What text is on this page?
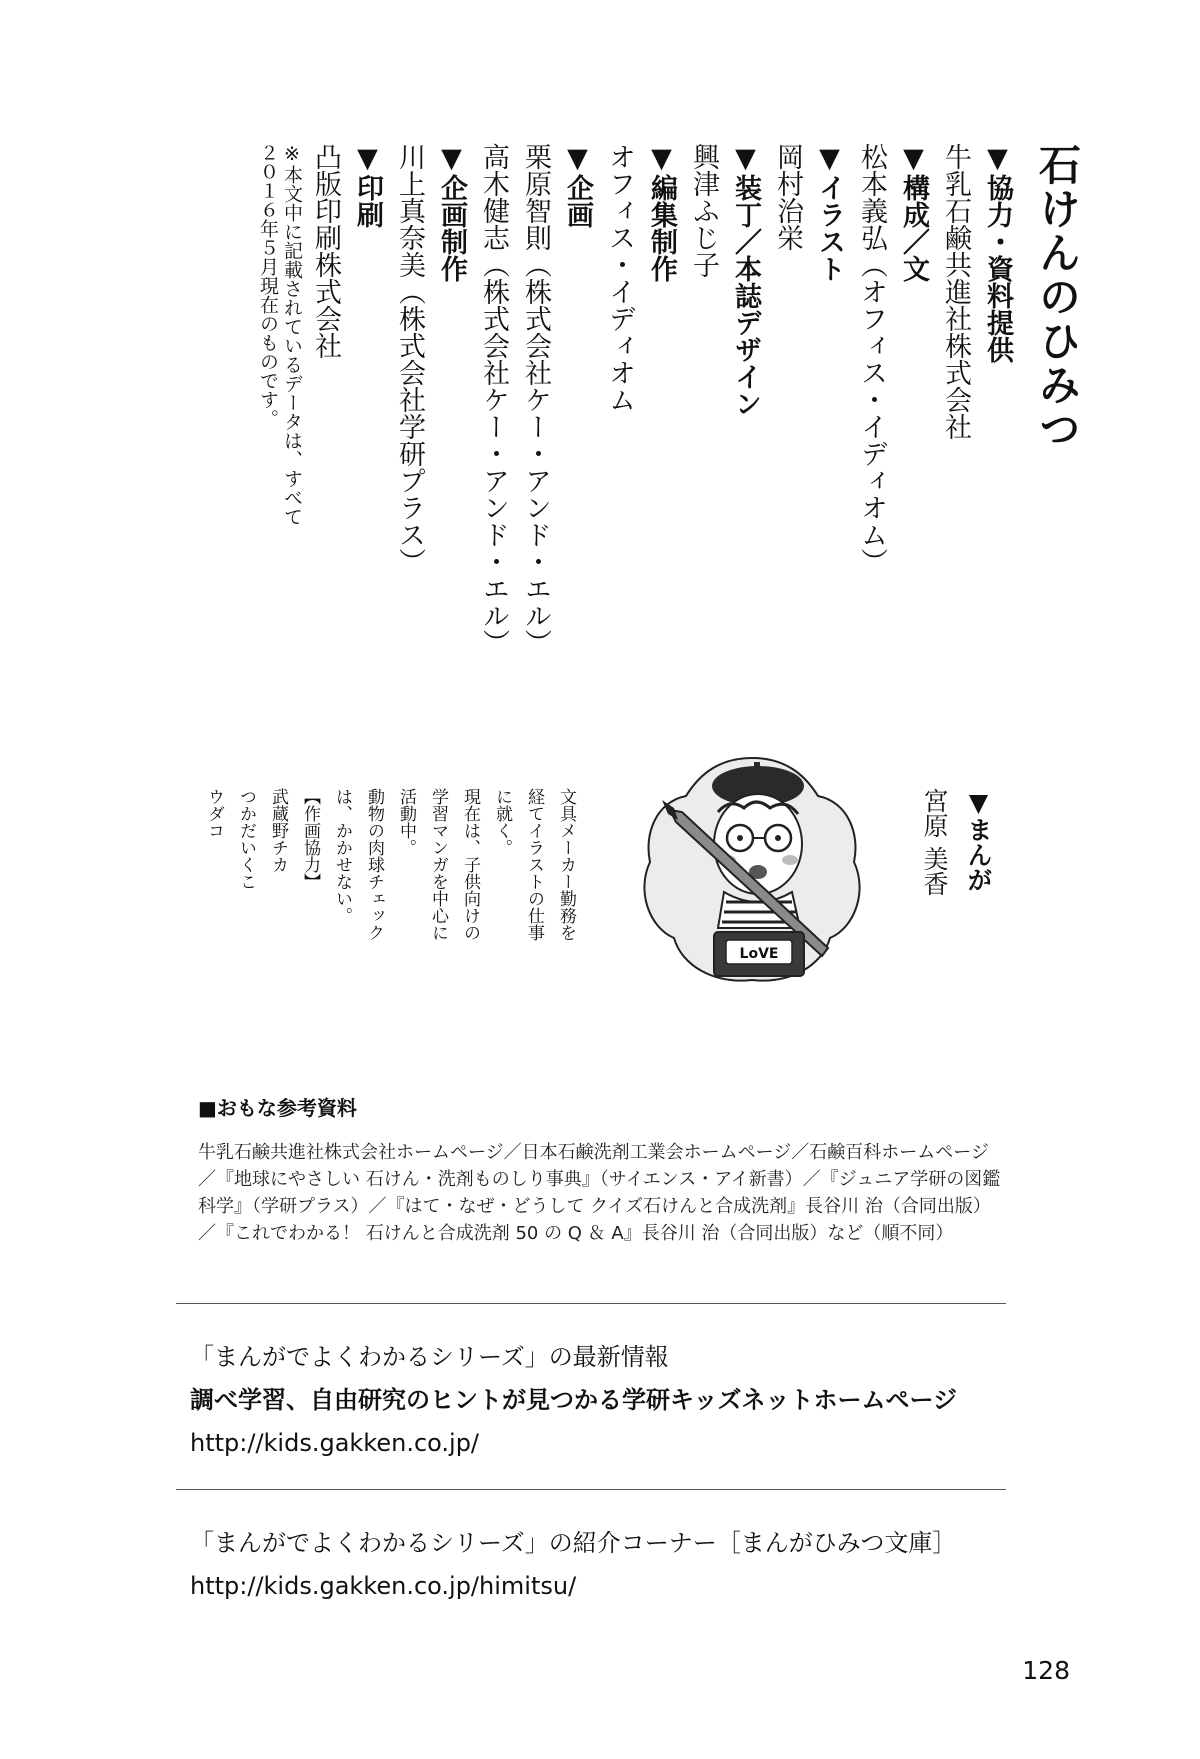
石けんのひみつ
▼協力・資料提供
牛乳石鹸共進社株式会社
▼構成／文
松本義弘（オフィス・イディオム）
▼イラスト
岡村治栄
▼装丁／本誌デザイン
興津ふじ子
▼編集制作
オフィス・イディオム
▼企画
栗原智則（株式会社ケー・アンド・エル）
高木健志（株式会社ケー・アンド・エル）
▼企画制作
川上真奈美（株式会社学研プラス）
▼印刷
凸版印刷株式会社
※本文中に記載されているデータは、すべて
２０１６年５月現在のものです。
▼まんが
宮原 美香
LoVE
文具メーカー勤務を
経てイラストの仕事
に就く。
現在は、子供向けの
学習マンガを中心に
活動中。
動物の肉球チェック
は、かかせない。
【作画協力】
武蔵野チカ
つかだいくこ
ウダコ
■おもな参考資料
牛乳石鹸共進社株式会社ホームページ／日本石鹸洗剤工業会ホームページ／石鹸百科ホームページ／『地球にやさしい 石けん・洗剤ものしり事典』（サイエンス・アイ新書）／『ジュニア学研の図鑑 科学』（学研プラス）／『はて・なぜ・どうして クイズ石けんと合成洗剤』長谷川 治（合同出版）／『これでわかる！ 石けんと合成洗剤 50 の Q ＆ A』長谷川 治（合同出版）など（順不同）
「まんがでよくわかるシリーズ」の最新情報
調べ学習、自由研究のヒントが見つかる学研キッズネットホームページ
http://kids.gakken.co.jp/
「まんがでよくわかるシリーズ」の紹介コーナー［まんがひみつ文庫］
http://kids.gakken.co.jp/himitsu/
128
